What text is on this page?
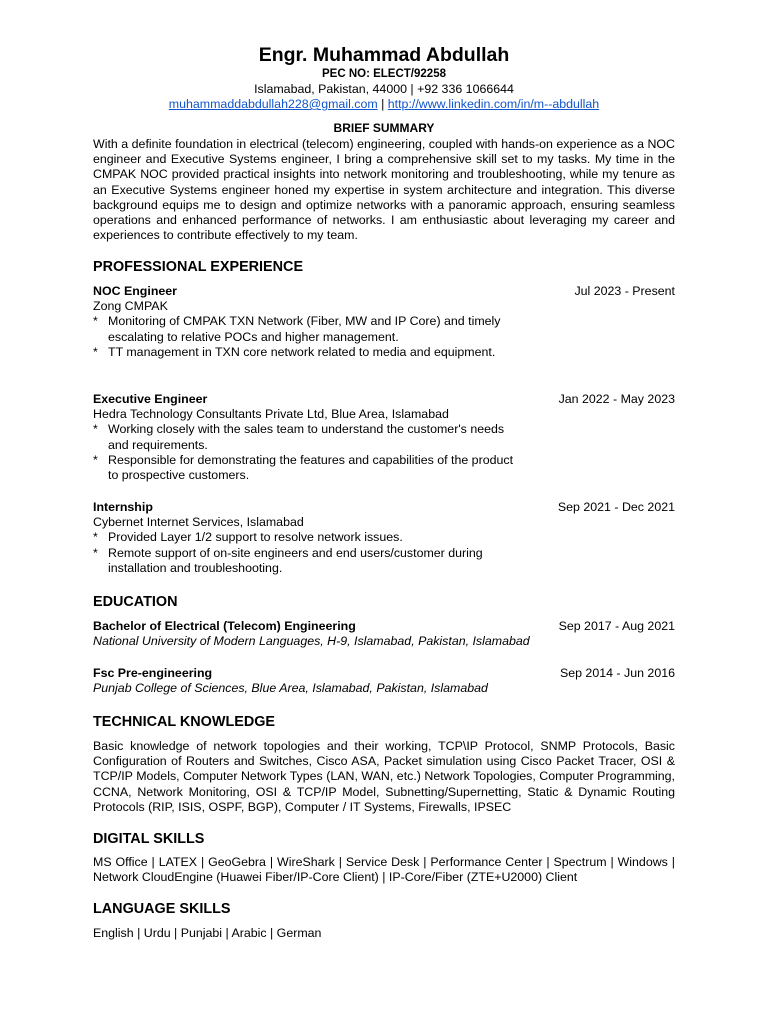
Engr. Muhammad Abdullah
PEC NO: ELECT/92258
Islamabad, Pakistan, 44000 | +92 336 1066644
muhammaddabdullah228@gmail.com | http://www.linkedin.com/in/m--abdullah
BRIEF SUMMARY
With a definite foundation in electrical (telecom) engineering, coupled with hands-on experience as a NOC engineer and Executive Systems engineer, I bring a comprehensive skill set to my tasks. My time in the CMPAK NOC provided practical insights into network monitoring and troubleshooting, while my tenure as an Executive Systems engineer honed my expertise in system architecture and integration. This diverse background equips me to design and optimize networks with a panoramic approach, ensuring seamless operations and enhanced performance of networks. I am enthusiastic about leveraging my career and experiences to contribute effectively to my team.
PROFESSIONAL EXPERIENCE
NOC Engineer	Jul 2023 - Present
Zong CMPAK
* Monitoring of CMPAK TXN Network (Fiber, MW and IP Core) and timely escalating to relative POCs and higher management.
* TT management in TXN core network related to media and equipment.
Executive Engineer	Jan 2022 - May 2023
Hedra Technology Consultants Private Ltd, Blue Area, Islamabad
* Working closely with the sales team to understand the customer's needs and requirements.
* Responsible for demonstrating the features and capabilities of the product to prospective customers.
Internship	Sep 2021 - Dec 2021
Cybernet Internet Services, Islamabad
* Provided Layer 1/2 support to resolve network issues.
* Remote support of on-site engineers and end users/customer during installation and troubleshooting.
EDUCATION
Bachelor of Electrical (Telecom) Engineering	Sep 2017 - Aug 2021
National University of Modern Languages, H-9, Islamabad, Pakistan, Islamabad
Fsc Pre-engineering	Sep 2014 - Jun 2016
Punjab College of Sciences, Blue Area, Islamabad, Pakistan, Islamabad
TECHNICAL KNOWLEDGE
Basic knowledge of network topologies and their working, TCP\IP Protocol, SNMP Protocols, Basic Configuration of Routers and Switches, Cisco ASA, Packet simulation using Cisco Packet Tracer, OSI & TCP/IP Models, Computer Network Types (LAN, WAN, etc.) Network Topologies, Computer Programming, CCNA, Network Monitoring, OSI & TCP/IP Model, Subnetting/Supernetting, Static & Dynamic Routing Protocols (RIP, ISIS, OSPF, BGP), Computer / IT Systems, Firewalls, IPSEC
DIGITAL SKILLS
MS Office | LATEX | GeoGebra | WireShark | Service Desk | Performance Center | Spectrum | Windows | Network CloudEngine (Huawei Fiber/IP-Core Client) | IP-Core/Fiber (ZTE+U2000) Client
LANGUAGE SKILLS
English | Urdu | Punjabi | Arabic | German
